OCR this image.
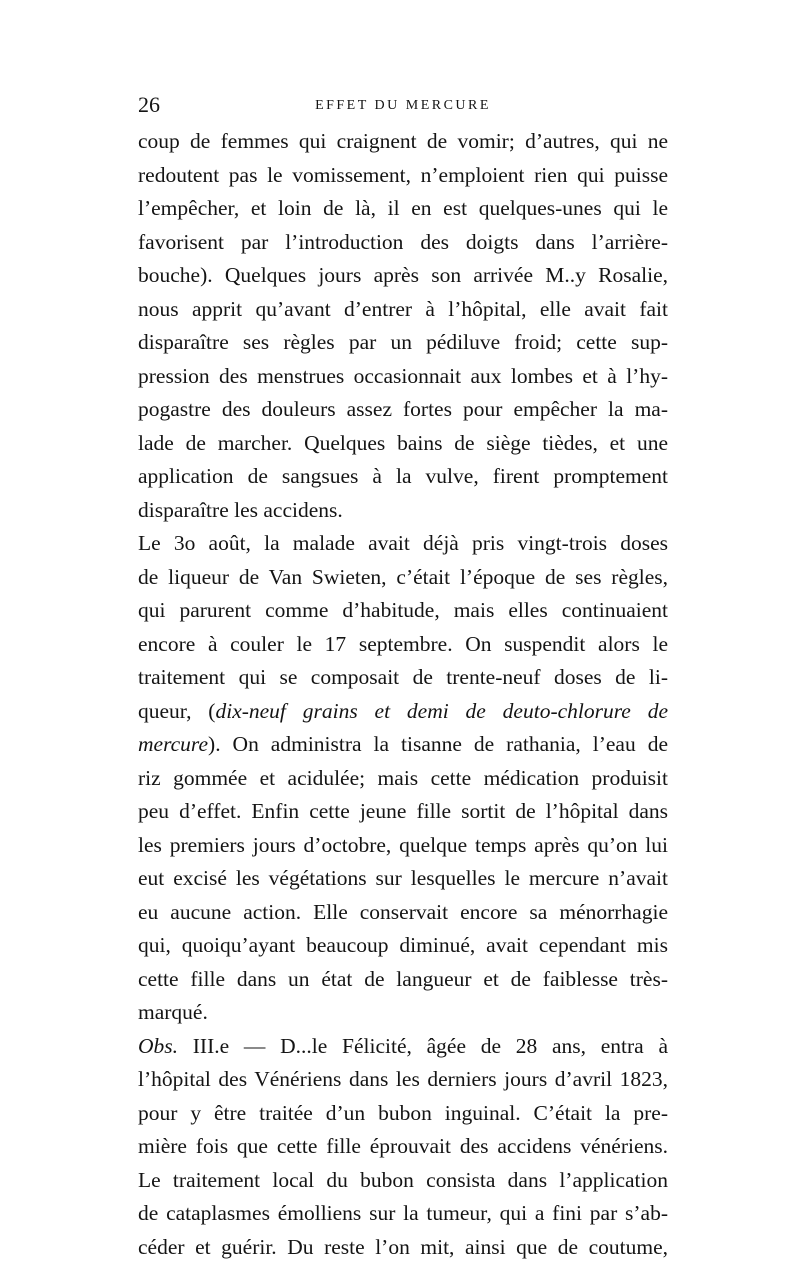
26	EFFET DU MERCURE
coup de femmes qui craignent de vomir; d’autres, qui ne
redoutent pas le vomissement, n’emploient rien qui puisse
l’empêcher, et loin de là, il en est quelques-unes qui le
favorisent par l’introduction des doigts dans l’arrière-
bouche). Quelques jours après son arrivée M..y Rosalie,
nous apprit qu’avant d’entrer à l’hôpital, elle avait fait
disparaître ses règles par un pédiluve froid; cette sup-
pression des menstrues occasionnait aux lombes et à l’hy-
pogastre des douleurs assez fortes pour empêcher la ma-
lade de marcher. Quelques bains de siège tièdes, et une
application de sangsues à la vulve, firent promptement
disparaître les accidens.
Le 3o août, la malade avait déjà pris vingt-trois doses
de liqueur de Van Swieten, c’était l’époque de ses règles,
qui parurent comme d’habitude, mais elles continuaient
encore à couler le 17 septembre. On suspendit alors le
traitement qui se composait de trente-neuf doses de li-
queur, (dix-neuf grains et demi de deuto-chlorure de
mercure). On administra la tisanne de rathania, l’eau de
riz gommée et acidulée; mais cette médication produisit
peu d’effet. Enfin cette jeune fille sortit de l’hôpital dans
les premiers jours d’octobre, quelque temps après qu’on lui
eut excisé les végétations sur lesquelles le mercure n’avait
eu aucune action. Elle conservait encore sa ménorrhagie
qui, quoiqu’ayant beaucoup diminué, avait cependant mis
cette fille dans un état de langueur et de faiblesse très-
marqué.
Obs. III.e — D...le Félicité, âgée de 28 ans, entra à
l’hôpital des Vénériens dans les derniers jours d’avril 1823,
pour y être traitée d’un bubon inguinal. C’était la pre-
mière fois que cette fille éprouvait des accidens vénériens.
Le traitement local du bubon consista dans l’application
de cataplasmes émolliens sur la tumeur, qui a fini par s’ab-
céder et guérir. Du reste l’on mit, ainsi que de coutume,
